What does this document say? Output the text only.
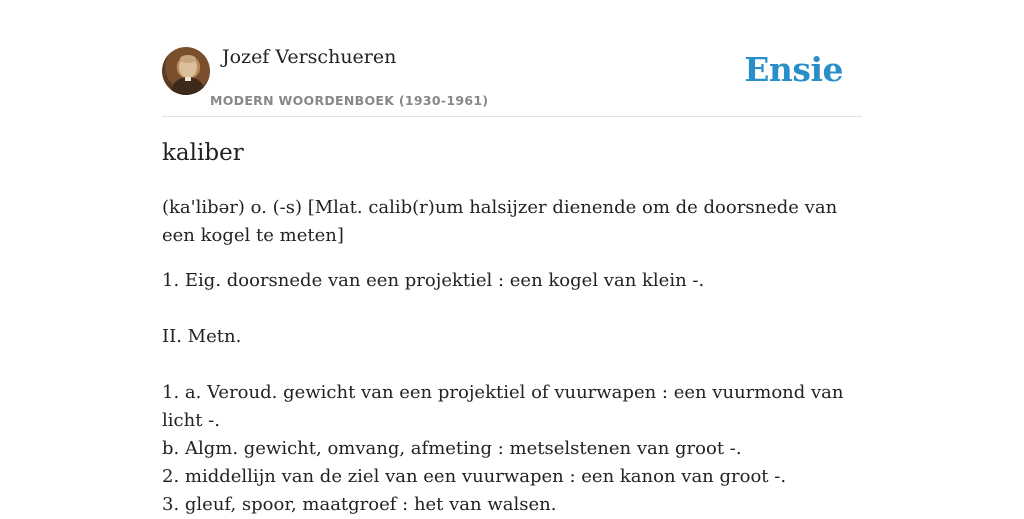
Jozef Verschueren
MODERN WOORDENBOEK (1930-1961)
Ensie
kaliber
(ka'libər) o. (-s) [Mlat. calib(r)um halsijzer dienende om de doorsnede van een kogel te meten]

1. Eig. doorsnede van een projektiel : een kogel van klein -.

II. Metn.

1. a. Veroud. gewicht van een projektiel of vuurwapen : een vuurmond van licht -.

b. Algm. gewicht, omvang, afmeting : metselstenen van groot -.

2. middellijn van de ziel van een vuurwapen : een kanon van groot -.

3. gleuf, spoor, maatgroef : het van walsen.
